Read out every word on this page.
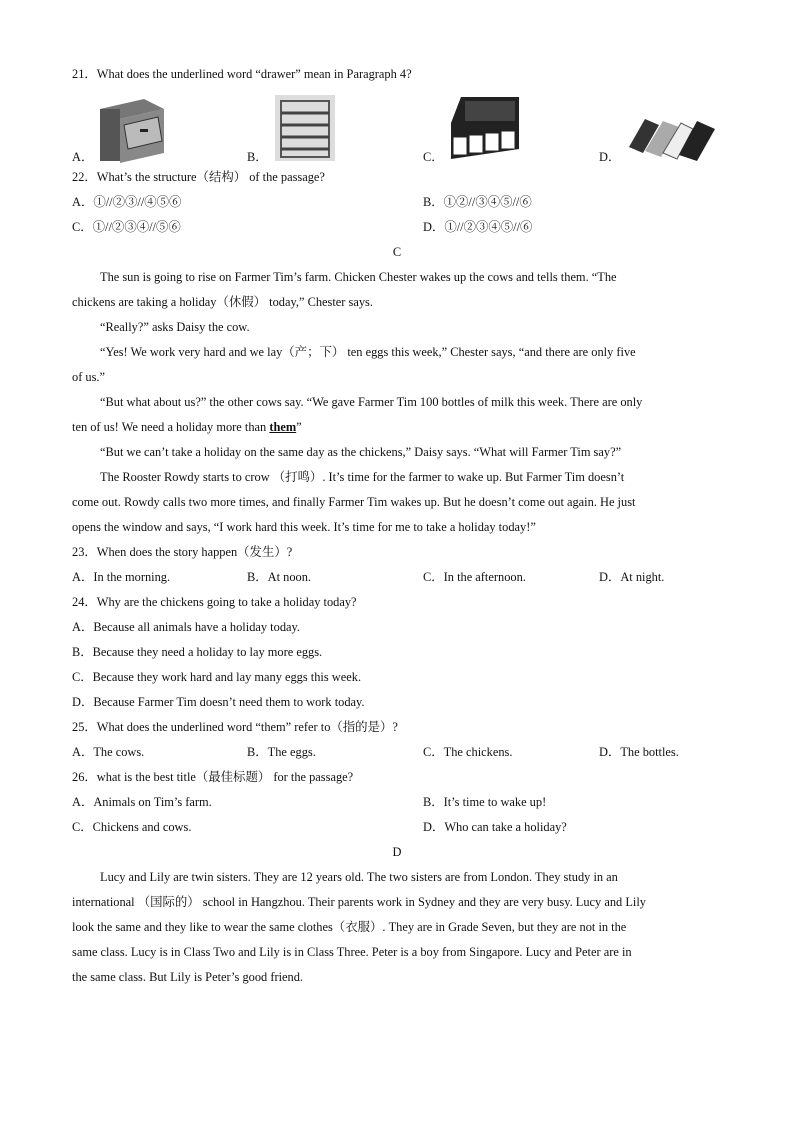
21．What does the underlined word “drawer” mean in Paragraph 4?
A．	B．	C．	D．
22．What’s the structure（结构） of the passage?
A．①//②③//④⑤⑥	B．①②//③④⑤//⑥
C．①//②③④//⑤⑥	D．①//②③④⑤//⑥
C
The sun is going to rise on Farmer Tim’s farm. Chicken Chester wakes up the cows and tells them. “The
chickens are taking a holiday（休假） today,” Chester says.
“Really?” asks Daisy the cow.
“Yes! We work very hard and we lay（产；下） ten eggs this week,” Chester says, “and there are only five
of us.”
“But what about us?” the other cows say. “We gave Farmer Tim 100 bottles of milk this week. There are only
ten of us! We need a holiday more than them”
“But we can’t take a holiday on the same day as the chickens,” Daisy says. “What will Farmer Tim say?”
The Rooster Rowdy starts to crow （打鸣）. It’s time for the farmer to wake up. But Farmer Tim doesn’t
come out. Rowdy calls two more times, and finally Farmer Tim wakes up. But he doesn’t come out again. He just
opens the window and says, “I work hard this week. It’s time for me to take a holiday today!”
23．When does the story happen（发生）?
A．In the morning.	B．At noon.	C．In the afternoon.	D．At night.
24．Why are the chickens going to take a holiday today?
A．Because all animals have a holiday today.
B．Because they need a holiday to lay more eggs.
C．Because they work hard and lay many eggs this week.
D．Because Farmer Tim doesn’t need them to work today.
25．What does the underlined word “them” refer to（指的是）?
A．The cows.	B．The eggs.	C．The chickens.	D．The bottles.
26．what is the best title（最佳标题） for the passage?
A．Animals on Tim’s farm.	B．It’s time to wake up!
C．Chickens and cows.	D．Who can take a holiday?
D
Lucy and Lily are twin sisters. They are 12 years old. The two sisters are from London. They study in an
international （国际的） school in Hangzhou. Their parents work in Sydney and they are very busy. Lucy and Lily
look the same and they like to wear the same clothes（衣服）. They are in Grade Seven, but they are not in the
same class. Lucy is in Class Two and Lily is in Class Three. Peter is a boy from Singapore. Lucy and Peter are in
the same class. But Lily is Peter’s good friend.
